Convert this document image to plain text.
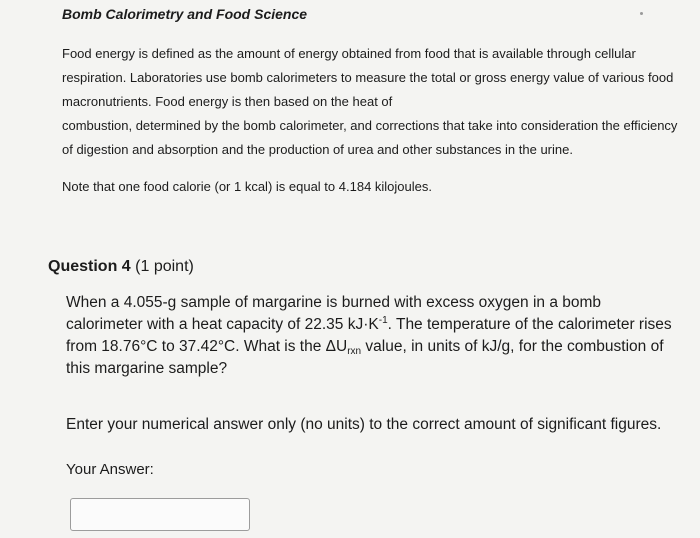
Bomb Calorimetry and Food Science

Food energy is defined as the amount of energy obtained from food that is available through cellular respiration. Laboratories use bomb calorimeters to measure the total or gross energy value of various food macronutrients. Food energy is then based on the heat of

combustion, determined by the bomb calorimeter, and corrections that take into consideration the efficiency of digestion and absorption and the production of urea and other substances in the urine.

Note that one food calorie (or 1 kcal) is equal to 4.184 kilojoules.
Question 4 (1 point)
When a 4.055-g sample of margarine is burned with excess oxygen in a bomb calorimeter with a heat capacity of 22.35 $kJ\cdot K^{-1}$. The temperature of the calorimeter rises from 18.76°C to 37.42°C. What is the $\Delta U_{rxn}$ value, in units of kJ/g, for the combustion of this margarine sample?
Enter your numerical answer only (no units) to the correct amount of significant figures.
Your Answer:
